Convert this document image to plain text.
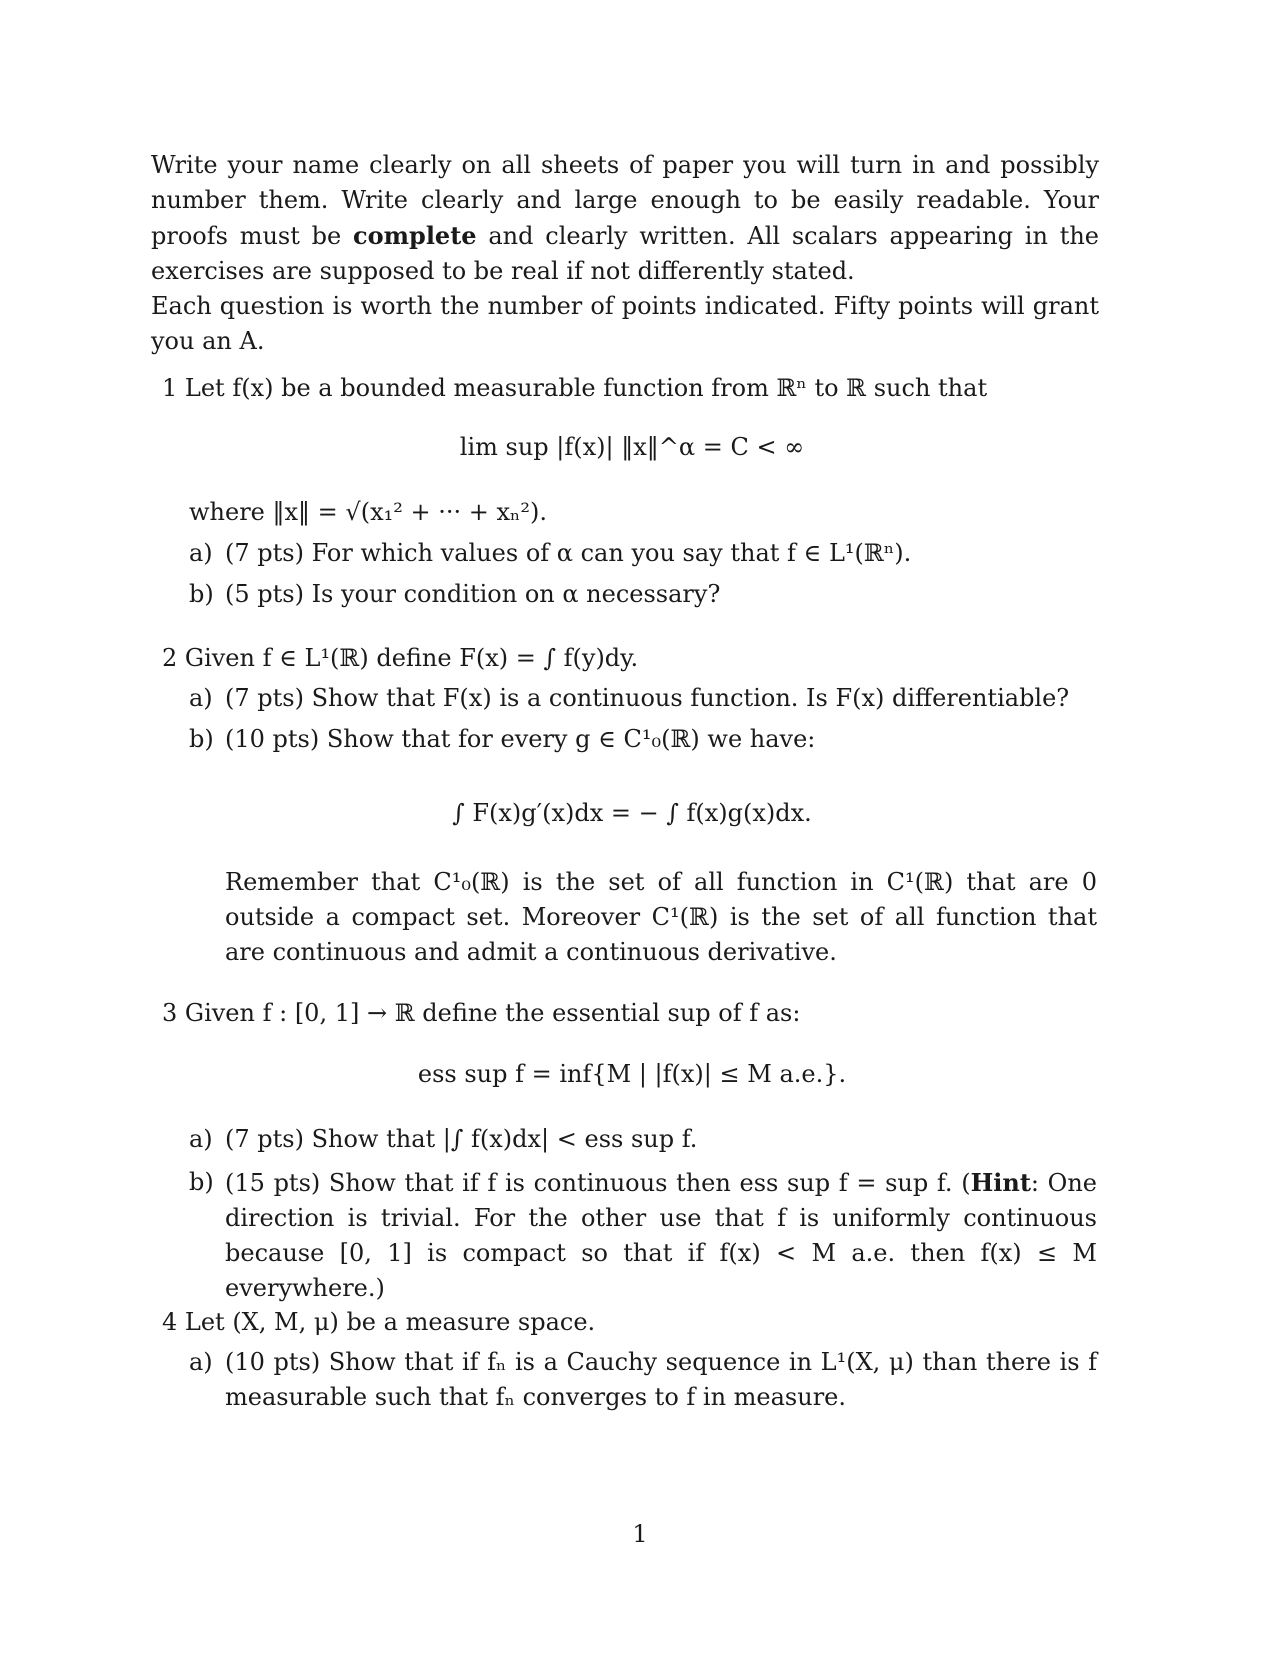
Write your name clearly on all sheets of paper you will turn in and possibly number them. Write clearly and large enough to be easily readable. Your proofs must be complete and clearly written. All scalars appearing in the exercises are supposed to be real if not differently stated.

Each question is worth the number of points indicated. Fifty points will grant you an A.

1 Let f(x) be a bounded measurable function from ℝⁿ to ℝ such that
lim sup |f(x)| ‖x‖^α = C < ∞
where ‖x‖ = √(x₁² + ··· + xₙ²).
a) (7 pts) For which values of α can you say that f ∈ L¹(ℝⁿ).
b) (5 pts) Is your condition on α necessary?
2 Given f ∈ L¹(ℝ) define F(x) = ∫ f(y)dy.
a) (7 pts) Show that F(x) is a continuous function. Is F(x) differentiable?
b) (10 pts) Show that for every g ∈ C¹₀(ℝ) we have:
∫ F(x)g′(x)dx = − ∫ f(x)g(x)dx.
Remember that C¹₀(ℝ) is the set of all function in C¹(ℝ) that are 0 outside a compact set. Moreover C¹(ℝ) is the set of all function that are continuous and admit a continuous derivative.
3 Given f : [0, 1] → ℝ define the essential sup of f as:
ess sup f = inf{M | |f(x)| ≤ M a.e.}.
a) (7 pts) Show that |∫ f(x)dx| < ess sup f.
b) (15 pts) Show that if f is continuous then ess sup f = sup f. (Hint: One direction is trivial. For the other use that f is uniformly continuous because [0, 1] is compact so that if f(x) < M a.e. then f(x) ≤ M everywhere.)
4 Let (X, M, μ) be a measure space.
a) (10 pts) Show that if fₙ is a Cauchy sequence in L¹(X, μ) than there is f measurable such that fₙ converges to f in measure.
1
